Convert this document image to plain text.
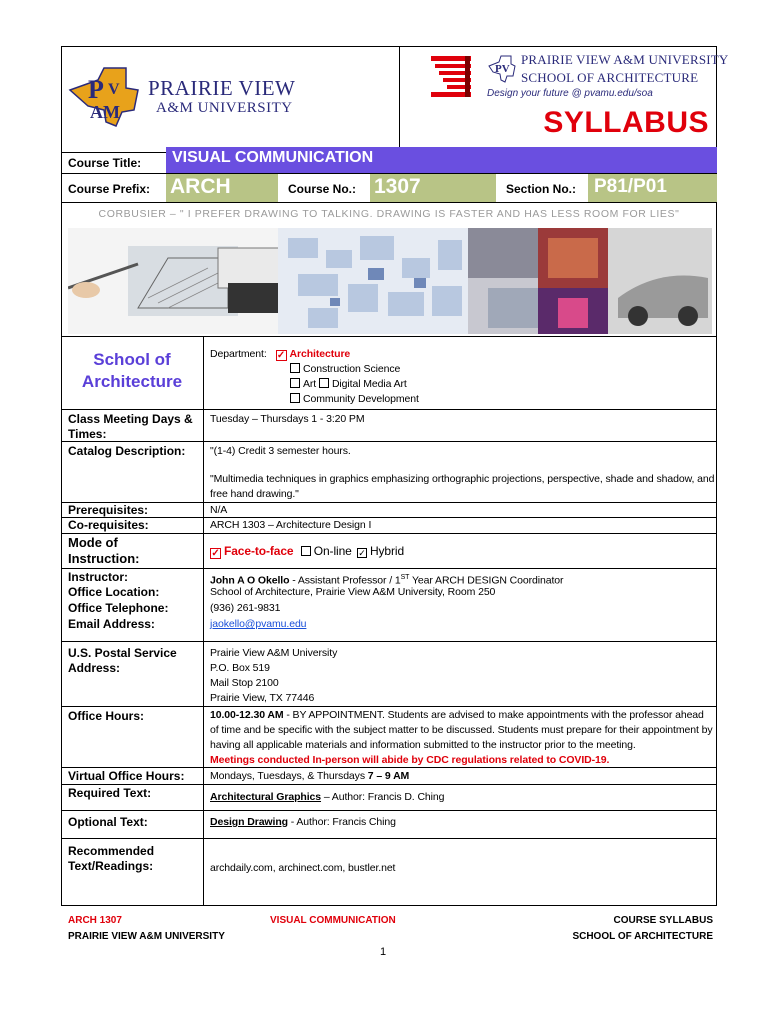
P
AM
V PRAIRIE VIEW
A&M UNIVERSITY
PV
PRAIRIE VIEW A&M UNIVERSITY
SCHOOL OF ARCHITECTURE
Design your future @ pvamu.edu/soa
SYLLABUS
VISUAL COMMUNICATION
Course Title:
Course Prefix: ARCH	Course No.: 1307	Section No.: P81/P01
CORBUSIER – " I PREFER DRAWING TO TALKING. DRAWING IS FASTER AND HAS LESS ROOM FOR LIES"
School of Architecture
Department: ✓ Architecture
Construction Science
Art Digital Media Art
Community Development
Class Meeting Days & Times:
Tuesday – Thursdays 1 - 3:20 PM
Catalog Description: "(1-4) Credit 3 semester hours.
"Multimedia techniques in graphics emphasizing orthographic projections, perspective, shade and shadow, and free hand drawing."
Prerequisites:	N/A
Co-requisites:	ARCH 1303 – Architecture Design I
Mode of Instruction:	✓ Face-to-face On-line ✓ Hybrid
Instructor:	John A O Okello - Assistant Professor / 1ST Year ARCH DESIGN Coordinator
Office Location:	School of Architecture, Prairie View A&M University, Room 250
Office Telephone:	(936) 261-9831
Email Address:	jaokello@pvamu.edu
U.S. Postal Service Address:
Prairie View A&M University
P.O. Box 519
Mail Stop 2100
Prairie View, TX 77446
Office Hours:	10.00-12.30 AM - BY APPOINTMENT. Students are advised to make appointments with the professor ahead of time and be specific with the subject matter to be discussed. Students must prepare for their appointment by having all applicable materials and information submitted to the instructor prior to the meeting.
Meetings conducted In-person will abide by CDC regulations related to COVID-19.
Virtual Office Hours: Mondays, Tuesdays, & Thursdays 7 – 9 AM
Required Text:	Architectural Graphics – Author: Francis D. Ching
Optional Text:	Design Drawing - Author: Francis Ching
Recommended Text/Readings:	archdaily.com, archinect.com, bustler.net
ARCH 1307
PRAIRIE VIEW A&M UNIVERSITY
VISUAL COMMUNICATION	COURSE SYLLABUS
SCHOOL OF ARCHITECTURE
1
